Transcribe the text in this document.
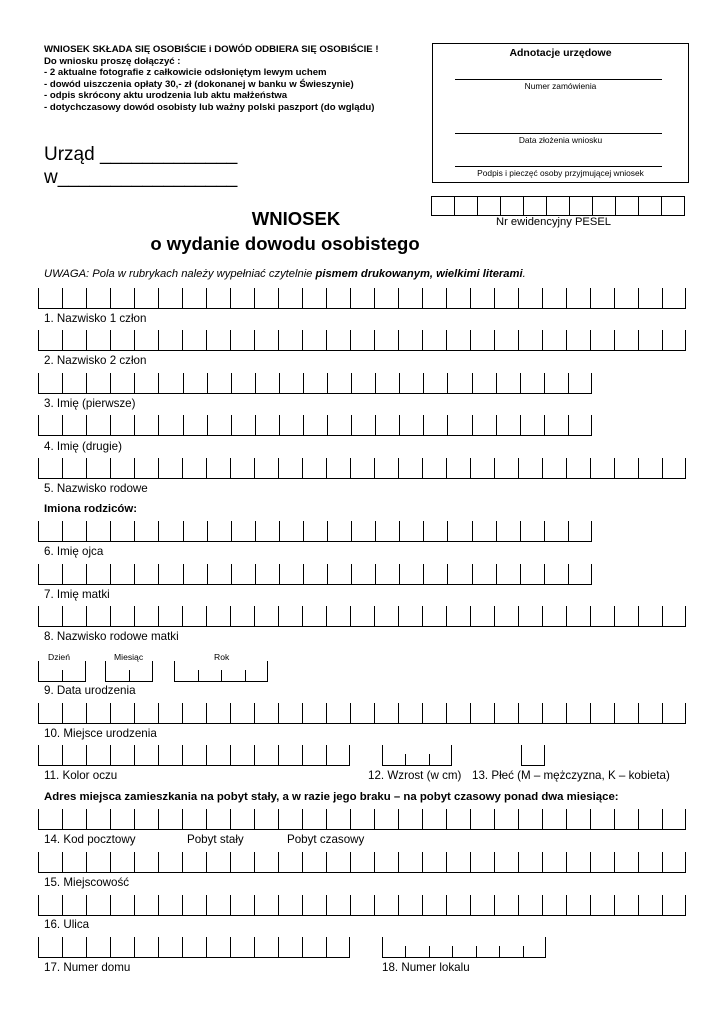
WNIOSEK SKŁADA SIĘ OSOBIŚCIE i DOWÓD ODBIERA SIĘ OSOBIŚCIE !
Do wniosku proszę dołączyć :
- 2 aktualne fotografie z całkowicie odsłoniętym lewym uchem
- dowód uiszczenia opłaty 30,- zł (dokonanej w banku w Świeszynie)
- odpis skrócony aktu urodzenia lub aktu małżeństwa
- dotychczasowy dowód osobisty lub ważny polski paszport (do wglądu)
Adnotacje urzędowe
Numer zamówienia
Data złożenia wniosku
Podpis i pieczęć osoby przyjmującej wniosek
Urząd _____________
w_________________
WNIOSEK
o wydanie dowodu osobistego
Nr ewidencyjny PESEL
UWAGA: Pola w rubrykach należy wypełniać czytelnie pismem drukowanym, wielkimi literami.
1. Nazwisko 1 człon
2. Nazwisko 2 człon
3. Imię (pierwsze)
4. Imię (drugie)
5. Nazwisko rodowe
Imiona rodziców:
6. Imię ojca
7. Imię matki
8. Nazwisko rodowe matki
Dzień	Miesiąc	Rok
9. Data urodzenia
10. Miejsce urodzenia
11. Kolor oczu	12. Wzrost (w cm) 13. Płeć (M – mężczyzna, K – kobieta)
Adres miejsca zamieszkania na pobyt stały, a w razie jego braku – na pobyt czasowy ponad dwa miesiące:
14. Kod pocztowy	Pobyt stały	Pobyt czasowy
15. Miejscowość
16. Ulica
17. Numer domu	18. Numer lokalu
